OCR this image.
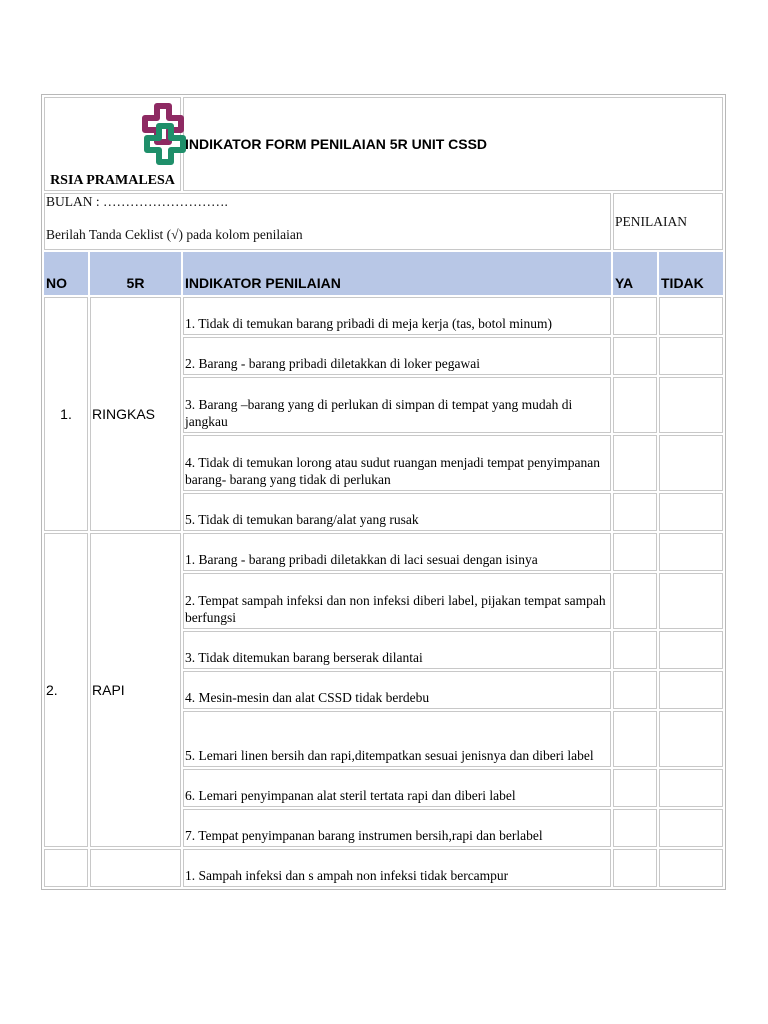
RSIA PRAMALESA		INDIKATOR FORM PENILAIAN 5R UNIT CSSD		

BULAN : ……………………….
Berilah Tanda Ceklist (√) pada kolom penilaian			PENILAIAN	
NO	5R	INDIKATOR PENILAIAN	YA	TIDAK
1.	RINGKAS	1. Tidak di temukan barang pribadi di meja kerja (tas, botol minum)		
		2. Barang - barang pribadi diletakkan di loker pegawai		
		3. Barang –barang yang di perlukan di simpan di tempat yang mudah di jangkau		
		4. Tidak di temukan lorong atau sudut ruangan menjadi tempat penyimpanan barang- barang yang tidak di perlukan		
		5. Tidak di temukan barang/alat yang rusak		
2.	RAPI	1. Barang - barang pribadi diletakkan di laci sesuai dengan isinya		
		2. Tempat sampah infeksi dan non infeksi diberi label, pijakan tempat sampah berfungsi		
		3. Tidak ditemukan barang berserak dilantai		
		4. Mesin-mesin dan alat CSSD tidak berdebu		
		5. Lemari linen bersih dan rapi,ditempatkan sesuai jenisnya dan diberi label		
		6. Lemari penyimpanan alat steril tertata rapi dan diberi label		
		7. Tempat penyimpanan barang instrumen bersih,rapi dan berlabel		
		1. Sampah infeksi dan s ampah non infeksi tidak bercampur		
